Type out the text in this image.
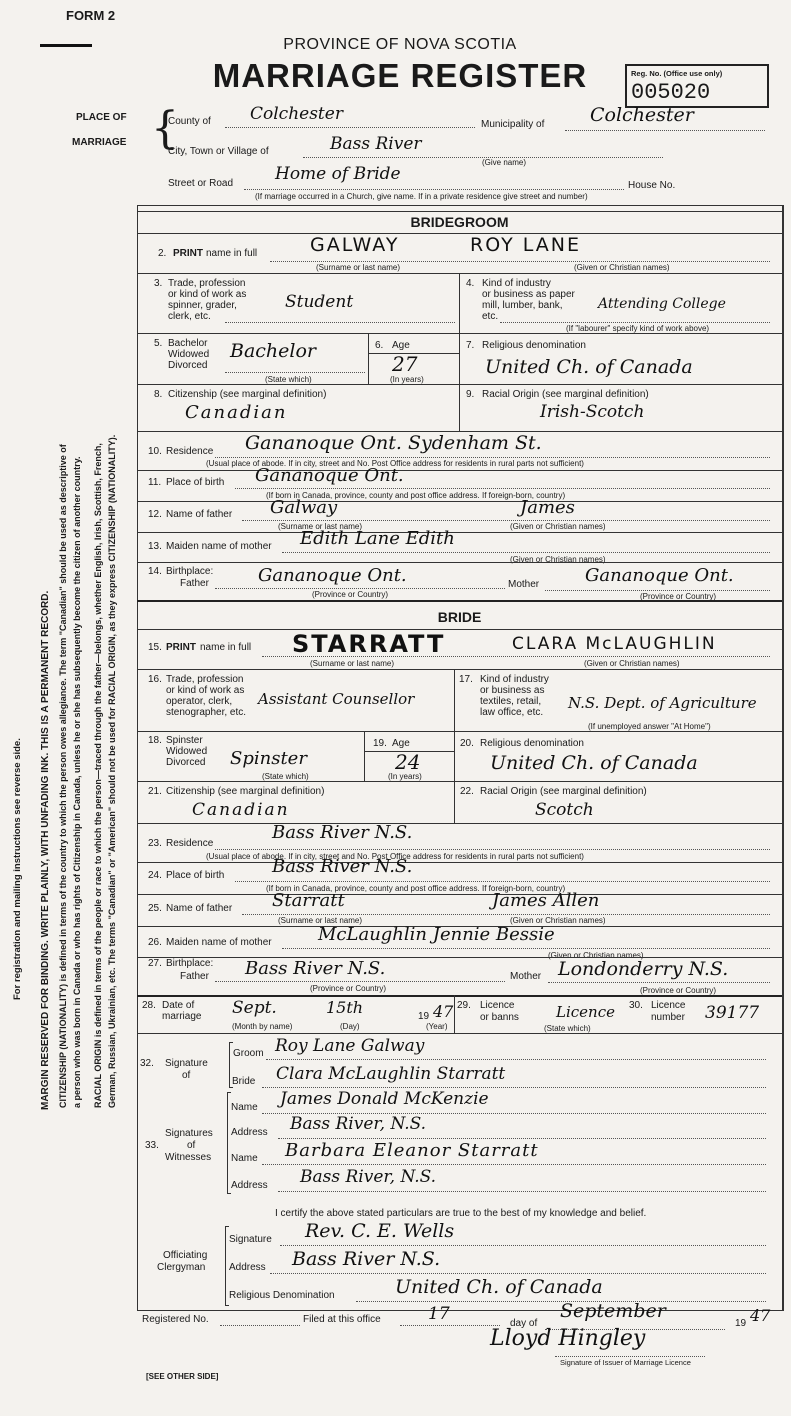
FORM 2
PROVINCE OF NOVA SCOTIA
MARRIAGE REGISTER	Reg. No. (Office use only)
005020
For registration and mailing instructions see reverse side. MARGIN RESERVED FOR BINDING. WRITE PLAINLY, WITH UNFADING INK. THIS IS A PERMANENT RECORD. CITIZENSHIP (NATIONALITY) is defined in terms of the country to which the person owes allegiance. The term "Canadian" should be used as descriptive of a person who was born in Canada or who has rights of Citizenship in Canada, unless he or she has subsequently become the citizen of another country. RACIAL ORIGIN is defined in terms of the people or race to which the person—traced through the father—belongs, whether English, Irish, Scottish, French, German, Russian, Ukrainian, etc. The terms "Canadian" or "American" should not be used for RACIAL ORIGIN, as they express CITIZENSHIP (NATIONALITY).
PLACE OF
MARRIAGE {
County of Colchester
Municipality of Colchester
City, Town or Village of	Bass River
(Give name)
Street or Road Home of Bride
House No.
(If marriage occurred in a Church, give name. If in a private residence give street and number)
BRIDEGROOM
2. PRINT name in full	GALWAY	ROY LANE
(Surname or last name)	(Given or Christian names)
3. Trade, profession
or kind of work as
spinner, grader,
clerk, etc.
Student
4. Kind of industry
or business as paper
mill, lumber, bank,
etc.
Attending College
(If "labourer" specify kind of work above)
5. Bachelor
Widowed
Divorced
Bachelor
(State which)
6. Age
27
(In years)
7. Religious denomination
United Ch. of Canada
8. Citizenship (see marginal definition)
Canadian
9. Racial Origin (see marginal definition)
Irish-Scotch
10. Residence Gananoque Ont. Sydenham St.
(Usual place of abode. If in city, street and No. Post Office address for residents in rural parts not sufficient)
11. Place of birth Gananoque Ont.
(If born in Canada, province, county and post office address. If foreign-born, country)
12. Name of father Galway	James
(Surname or last name)	(Given or Christian names)
13. Maiden name of mother Edith Lane Edith
(Given or Christian names)
14. Birthplace:
Father	Gananoque Ont.	Mother	Gananoque Ont.
(Province or Country)	(Province or Country)
BRIDE
15. PRINT name in full STARRATT	CLARA McLAUGHLIN
(Surname or last name)	(Given or Christian names)
16. Trade, profession
or kind of work as
operator, clerk,
stenographer, etc.
Assistant Counsellor
17. Kind of industry
or business as
textiles, retail,
law office, etc.
N.S. Dept. of Agriculture
(If unemployed answer "At Home")
18. Spinster
Widowed
Divorced Spinster
(State which)
19. Age
24
(In years)
20. Religious denomination
United Ch. of Canada
21. Citizenship (see marginal definition)
Canadian
22. Racial Origin (see marginal definition)
Scotch
23. Residence
Bass River N.S.
(Usual place of abode. If in city, street and No. Post Office address for residents in rural parts not sufficient)
24. Place of birth	Bass River N.S.
(If born in Canada, province, county and post office address. If foreign-born, country)
25. Name of father Starratt	James Allen
(Surname or last name)	(Given or Christian names)
26. Maiden name of mother	McLaughlin Jennie Bessie
(Given or Christian names)
27. Birthplace:
Father Bass River N.S.	Mother Londonderry N.S.
(Province or Country)	(Province or Country)
28. Date of
marriage Sept.	15th	19 47
(Month by name)	(Day)	(Year)
29. Licence
or banns Licence
(State which)
30. Licence
number 39177
32. Signature
of
Groom Roy Lane Galway
Bride Clara McLaughlin Starratt
33.
Signatures
of
Witnesses
Name James Donald McKenzie
Address Bass River, N.S.
Name Barbara Eleanor Starratt
Address Bass River, N.S.
I certify the above stated particulars are true to the best of my knowledge and belief.
Officiating
Clergyman
Signature Rev. C. E. Wells
Address Bass River N.S.
Religious Denomination	United Ch. of Canada
Registered No.	Filed at this office	17	day of
September
19 47
Lloyd Hingley
Signature of Issuer of Marriage Licence
[SEE OTHER SIDE]
